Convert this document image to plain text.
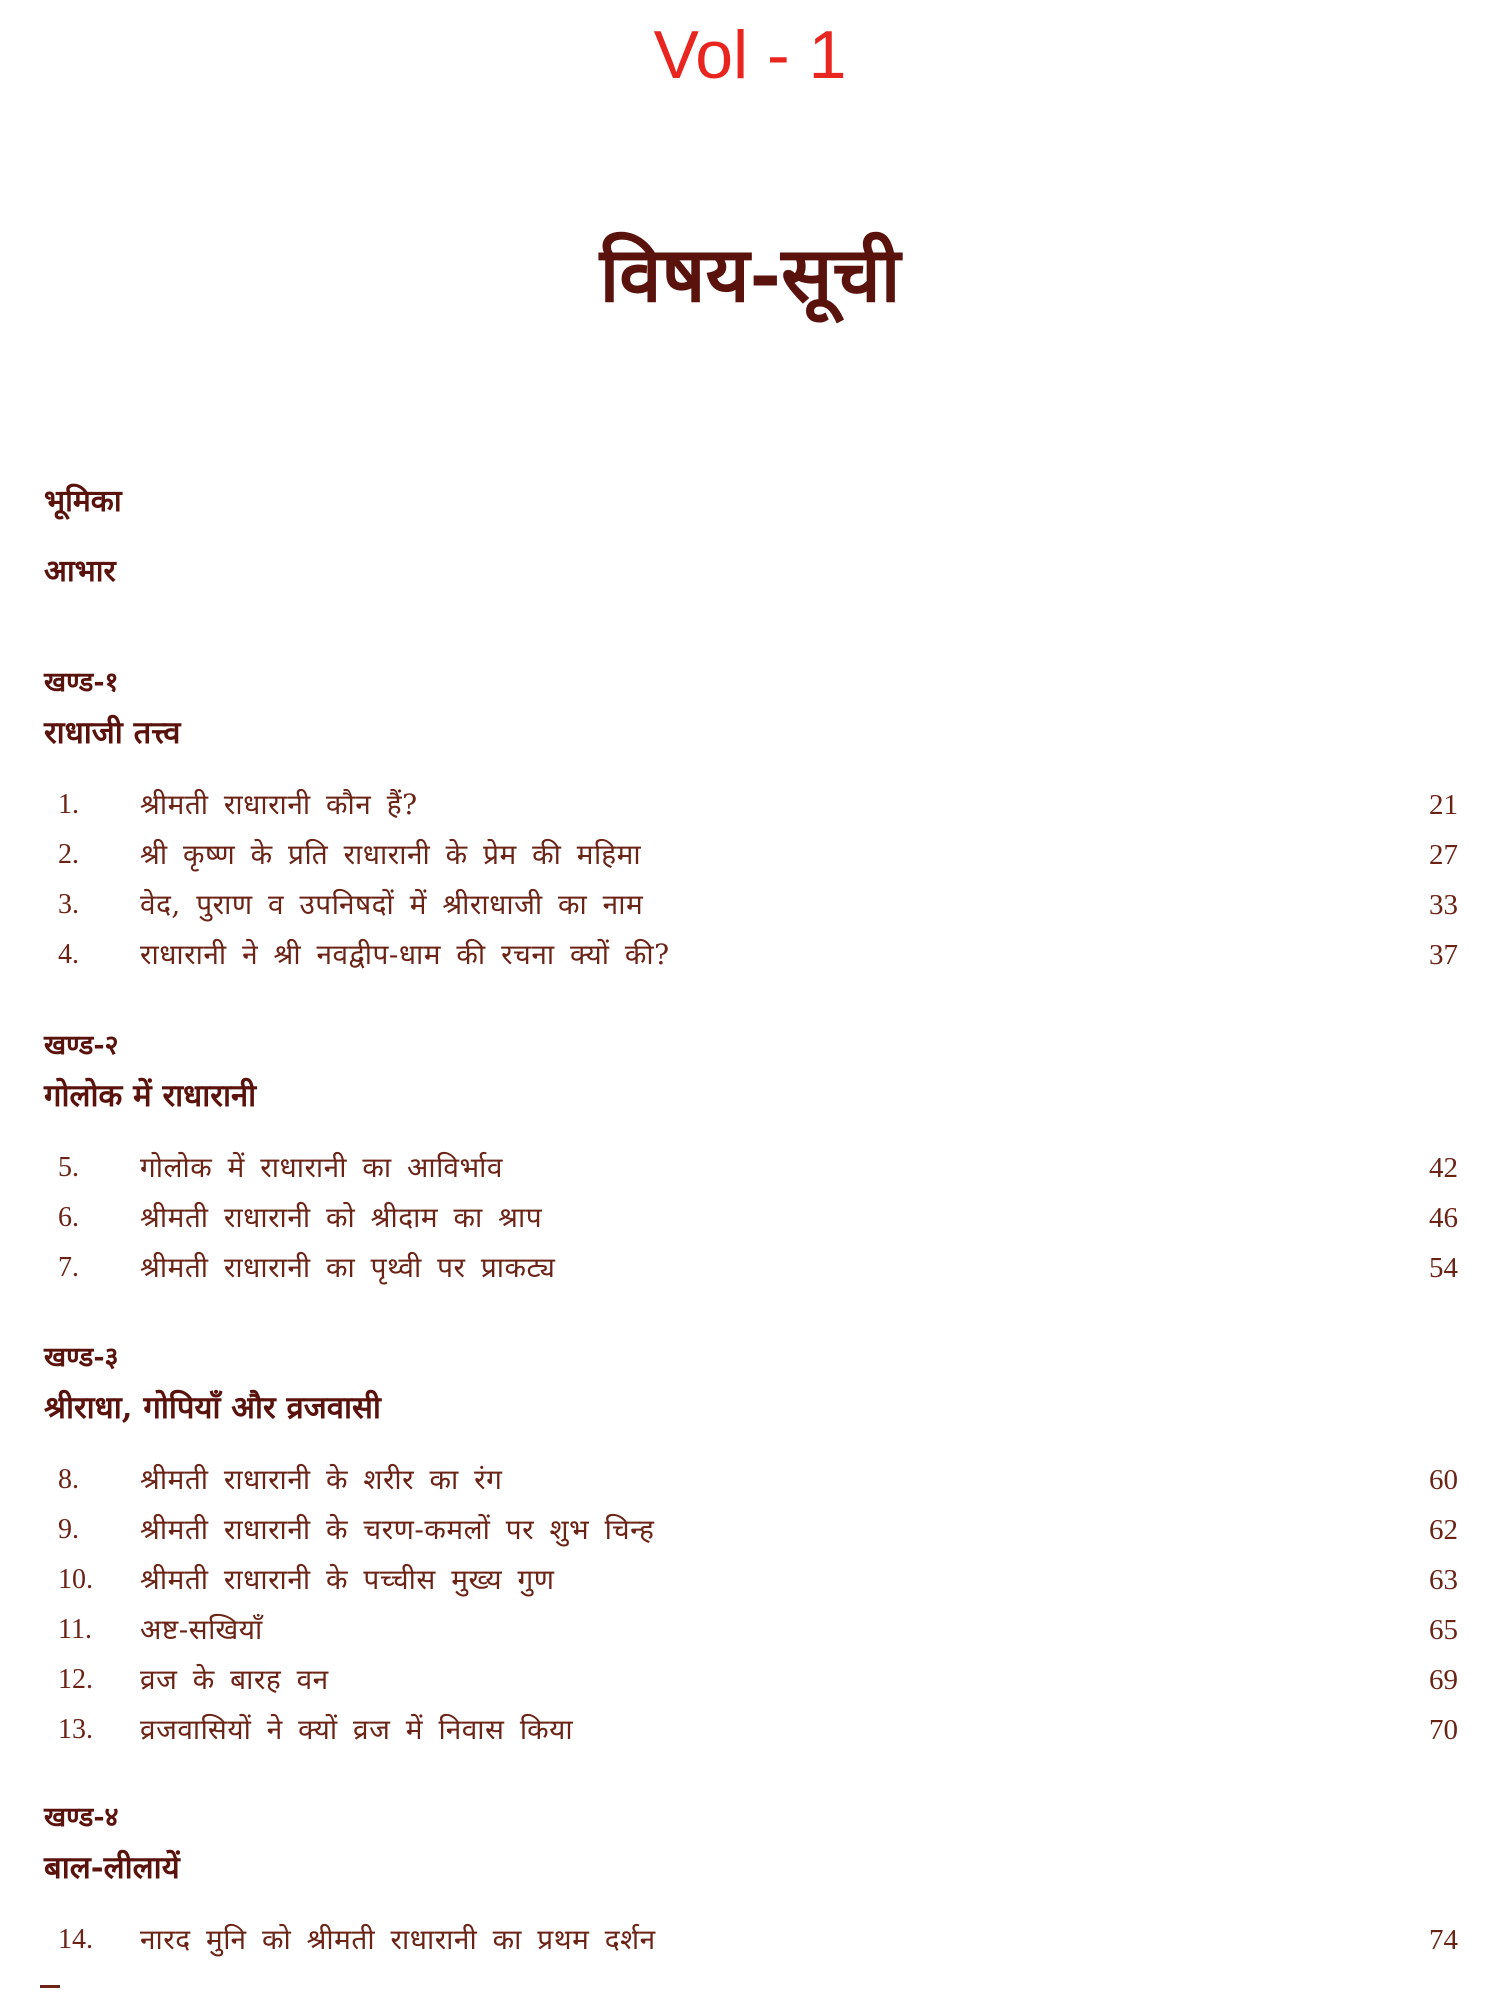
Vol - 1
विषय-सूची
भूमिका
आभार
खण्ड-१
राधाजी तत्त्व
1. श्रीमती राधारानी कौन हैं?	21
2. श्री कृष्ण के प्रति राधारानी के प्रेम की महिमा	27
3. वेद, पुराण व उपनिषदों में श्रीराधाजी का नाम	33
4. राधारानी ने श्री नवद्वीप-धाम की रचना क्यों की?	37
खण्ड-२
गोलोक में राधारानी
5. गोलोक में राधारानी का आविर्भाव	42
6. श्रीमती राधारानी को श्रीदाम का श्राप	46
7. श्रीमती राधारानी का पृथ्वी पर प्राकट्य	54
खण्ड-३
श्रीराधा, गोपियाँ और व्रजवासी
8. श्रीमती राधारानी के शरीर का रंग	60
9. श्रीमती राधारानी के चरण-कमलों पर शुभ चिन्ह	62
10. श्रीमती राधारानी के पच्चीस मुख्य गुण	63
11. अष्ट-सखियाँ	65
12. व्रज के बारह वन	69
13. व्रजवासियों ने क्यों व्रज में निवास किया	70
खण्ड-४
बाल-लीलायें
14. नारद मुनि को श्रीमती राधारानी का प्रथम दर्शन	74
